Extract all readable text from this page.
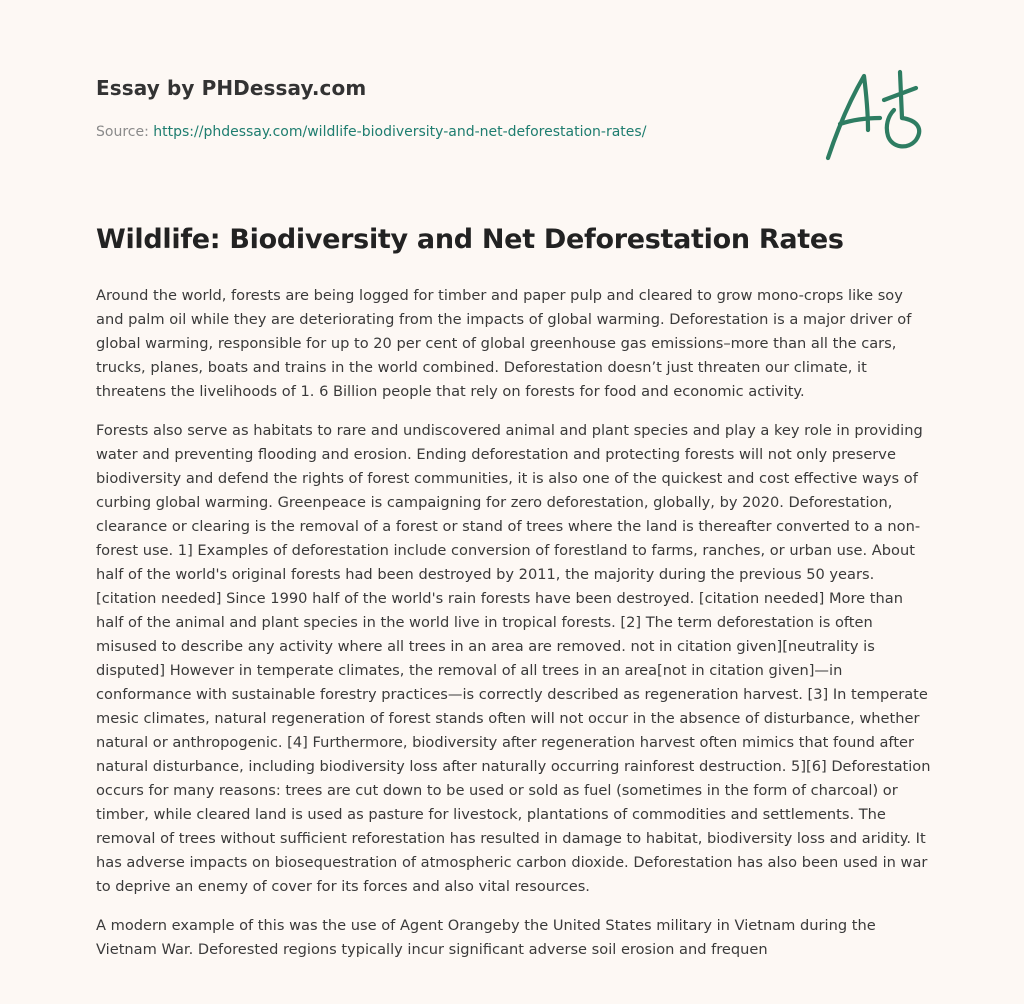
Essay by PHDessay.com
Source: https://phdessay.com/wildlife-biodiversity-and-net-deforestation-rates/
Wildlife: Biodiversity and Net Deforestation Rates

Around the world, forests are being logged for timber and paper pulp and cleared to grow mono-crops like soy and palm oil while they are deteriorating from the impacts of global warming. Deforestation is a major driver of global warming, responsible for up to 20 per cent of global greenhouse gas emissions–more than all the cars, trucks, planes, boats and trains in the world combined. Deforestation doesn’t just threaten our climate, it threatens the livelihoods of 1. 6 Billion people that rely on forests for food and economic activity.

Forests also serve as habitats to rare and undiscovered animal and plant species and play a key role in providing water and preventing flooding and erosion. Ending deforestation and protecting forests will not only preserve biodiversity and defend the rights of forest communities, it is also one of the quickest and cost effective ways of curbing global warming. Greenpeace is campaigning for zero deforestation, globally, by 2020. Deforestation, clearance or clearing is the removal of a forest or stand of trees where the land is thereafter converted to a non-forest use. 1] Examples of deforestation include conversion of forestland to farms, ranches, or urban use. About half of the world's original forests had been destroyed by 2011, the majority during the previous 50 years. [citation needed] Since 1990 half of the world's rain forests have been destroyed. [citation needed] More than half of the animal and plant species in the world live in tropical forests. [2] The term deforestation is often misused to describe any activity where all trees in an area are removed. not in citation given][neutrality is disputed] However in temperate climates, the removal of all trees in an area[not in citation given]—in conformance with sustainable forestry practices—is correctly described as regeneration harvest. [3] In temperate mesic climates, natural regeneration of forest stands often will not occur in the absence of disturbance, whether natural or anthropogenic. [4] Furthermore, biodiversity after regeneration harvest often mimics that found after natural disturbance, including biodiversity loss after naturally occurring rainforest destruction. 5][6] Deforestation occurs for many reasons: trees are cut down to be used or sold as fuel (sometimes in the form of charcoal) or timber, while cleared land is used as pasture for livestock, plantations of commodities and settlements. The removal of trees without sufficient reforestation has resulted in damage to habitat, biodiversity loss and aridity. It has adverse impacts on biosequestration of atmospheric carbon dioxide. Deforestation has also been used in war to deprive an enemy of cover for its forces and also vital resources.

A modern example of this was the use of Agent Orangeby the United States military in Vietnam during the Vietnam War. Deforested regions typically incur significant adverse soil erosion and frequen
